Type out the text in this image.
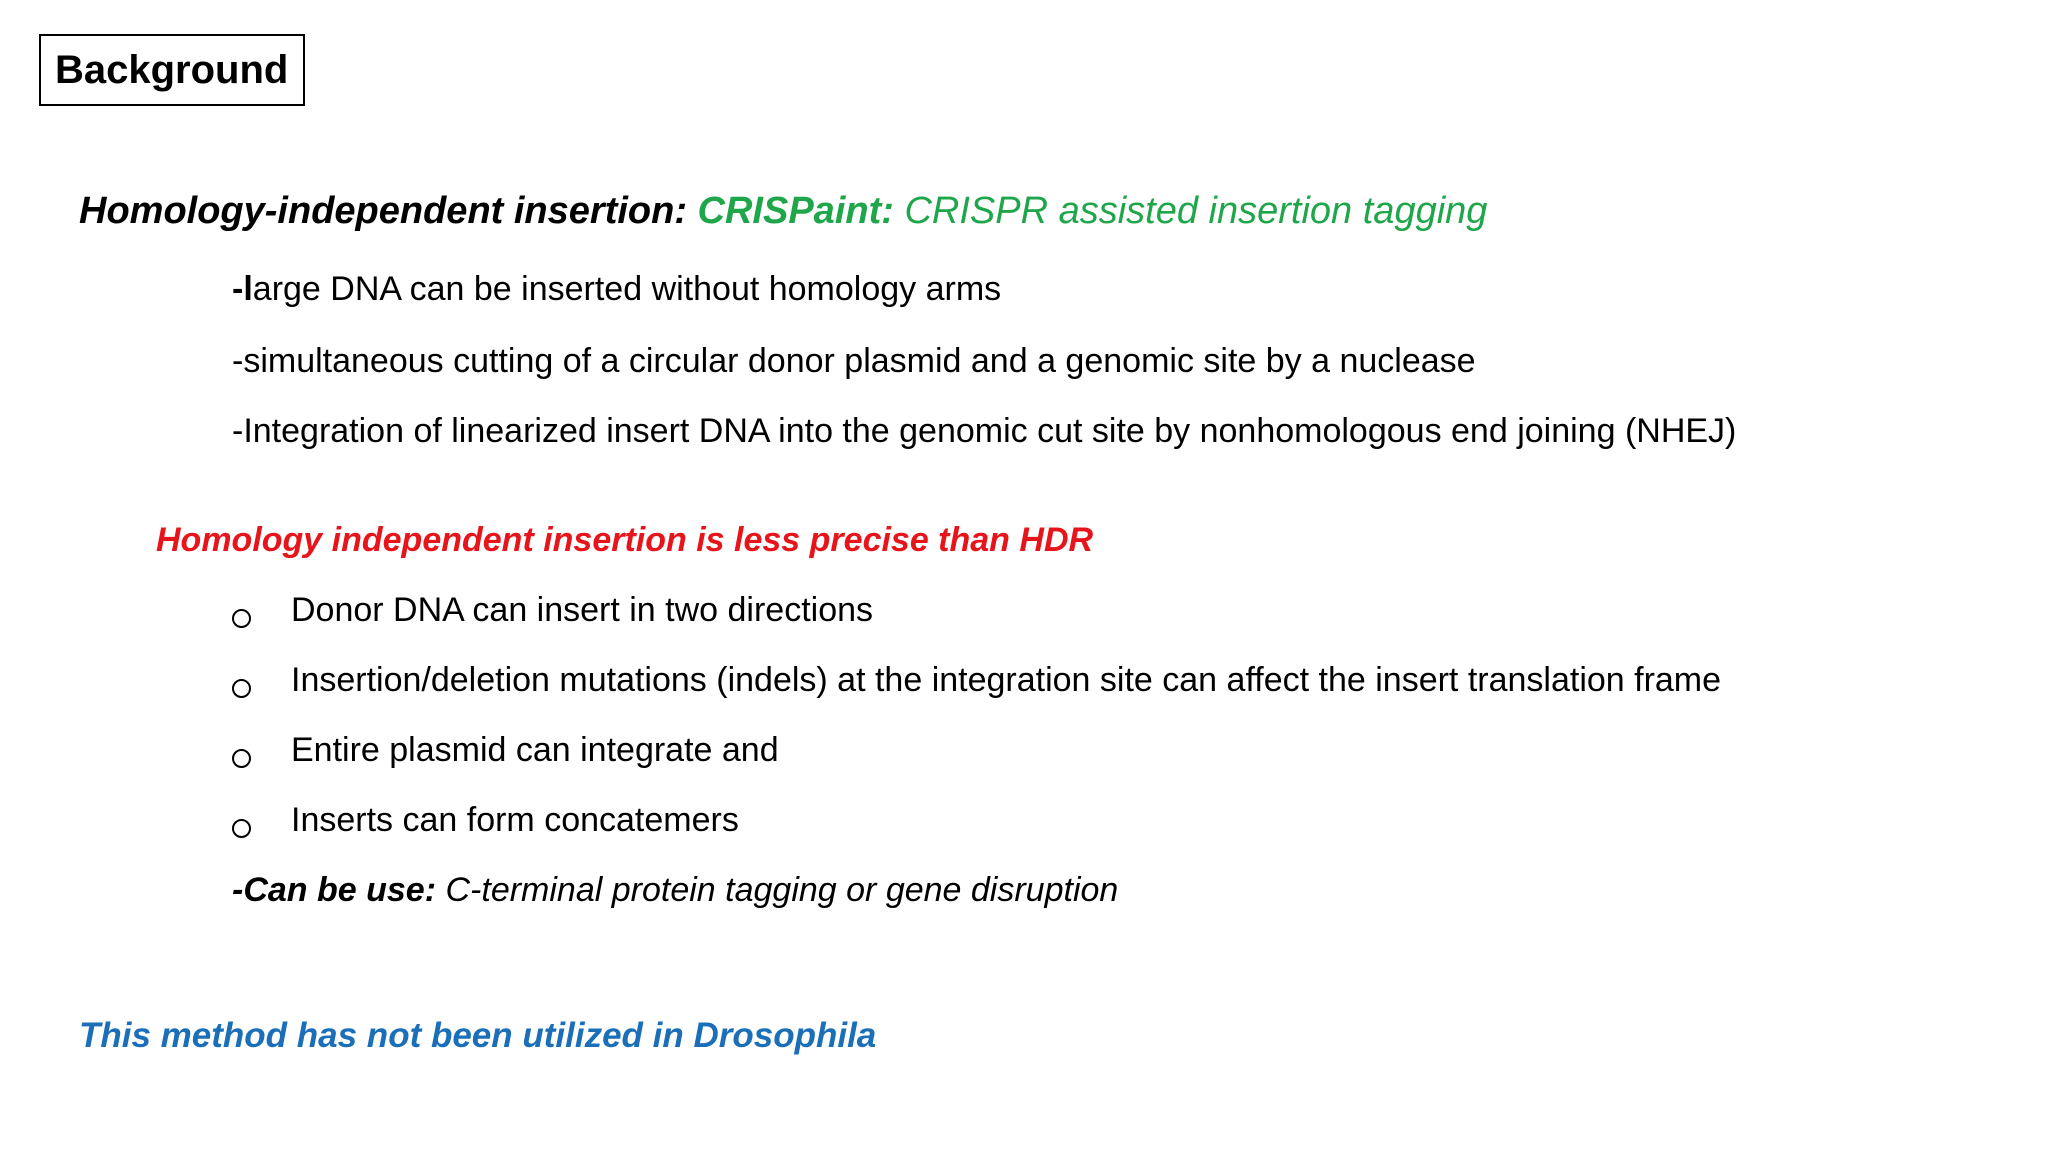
Background
Homology-independent insertion: CRISPaint: CRISPR assisted insertion tagging
-large DNA can be inserted without homology arms
-simultaneous cutting of a circular donor plasmid and a genomic site by a nuclease
-Integration of linearized insert DNA into the genomic cut site by nonhomologous end joining (NHEJ)
Homology independent insertion is less precise than HDR
Donor DNA can insert in two directions
Insertion/deletion mutations (indels) at the integration site can affect the insert translation frame
Entire plasmid can integrate and
Inserts can form concatemers
-Can be use: C-terminal protein tagging or gene disruption
This method has not been utilized in Drosophila
